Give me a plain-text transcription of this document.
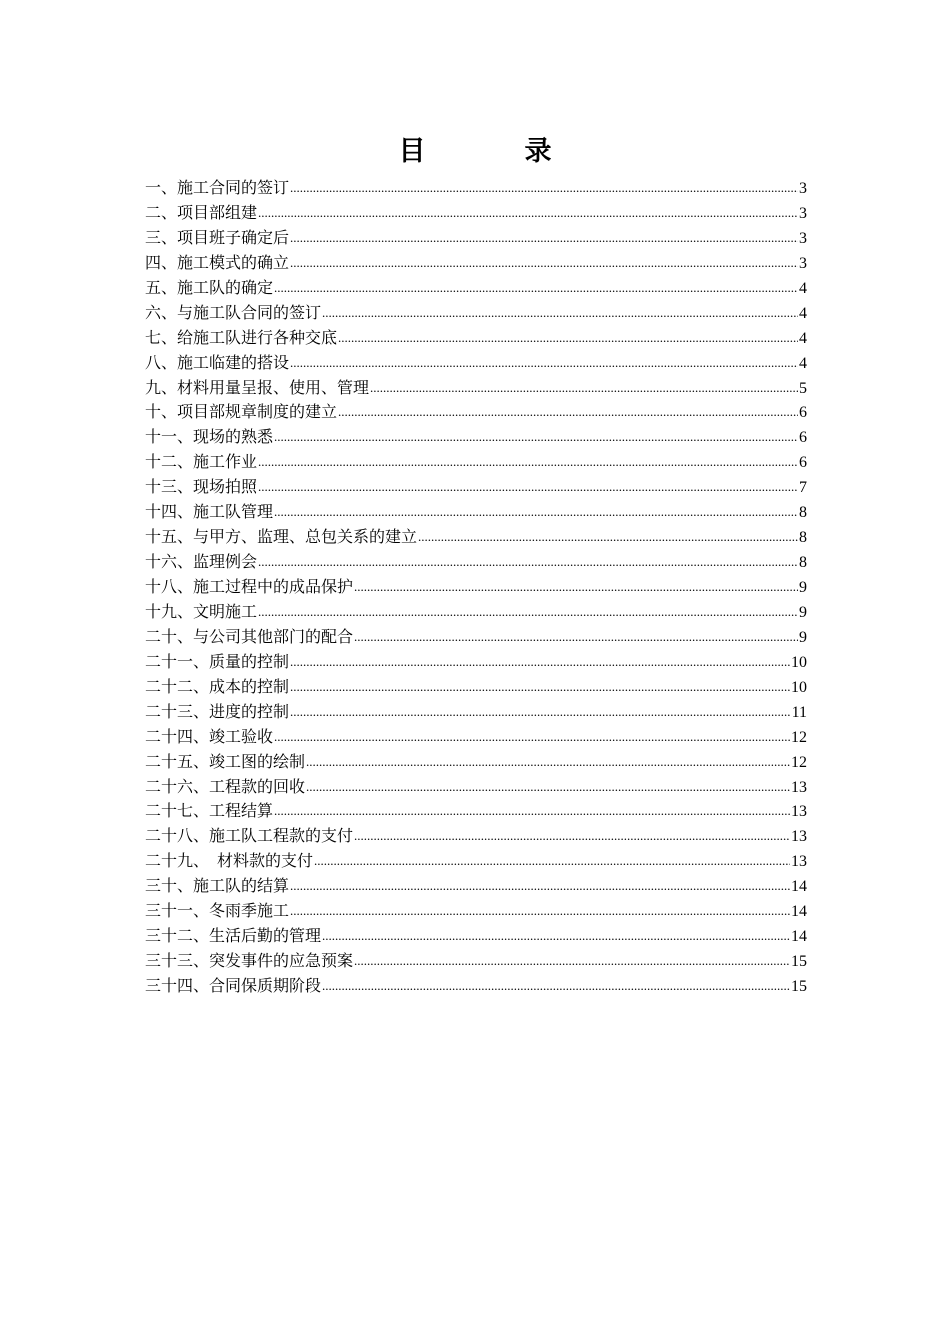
目　录
一、施工合同的签订 .....	3
二、项目部组建 .....	3
三、项目班子确定后 .....	3
四、施工模式的确立 .....	3
五、施工队的确定 .....	4
六、与施工队合同的签订 .....	4
七、给施工队进行各种交底 .....	4
八、施工临建的搭设 .....	4
九、材料用量呈报、使用、管理 .....	5
十、项目部规章制度的建立 .....	6
十一、现场的熟悉 .....	6
十二、施工作业 .....	6
十三、现场拍照 .....	7
十四、施工队管理 .....	8
十五、与甲方、监理、总包关系的建立 .....	8
十六、监理例会 .....	8
十八、施工过程中的成品保护 .....	9
十九、文明施工 .....	9
二十、与公司其他部门的配合 .....	9
二十一、质量的控制 .....	10
二十二、成本的控制 .....	10
二十三、进度的控制 .....	11
二十四、竣工验收 .....	12
二十五、竣工图的绘制 .....	12
二十六、工程款的回收 .....	13
二十七、工程结算 .....	13
二十八、施工队工程款的支付 .....	13
二十九、　材料款的支付 .....	13
三十、施工队的结算 .....	14
三十一、冬雨季施工 .....	14
三十二、生活后勤的管理 .....	14
三十三、突发事件的应急预案 .....	15
三十四、合同保质期阶段 .....	15
